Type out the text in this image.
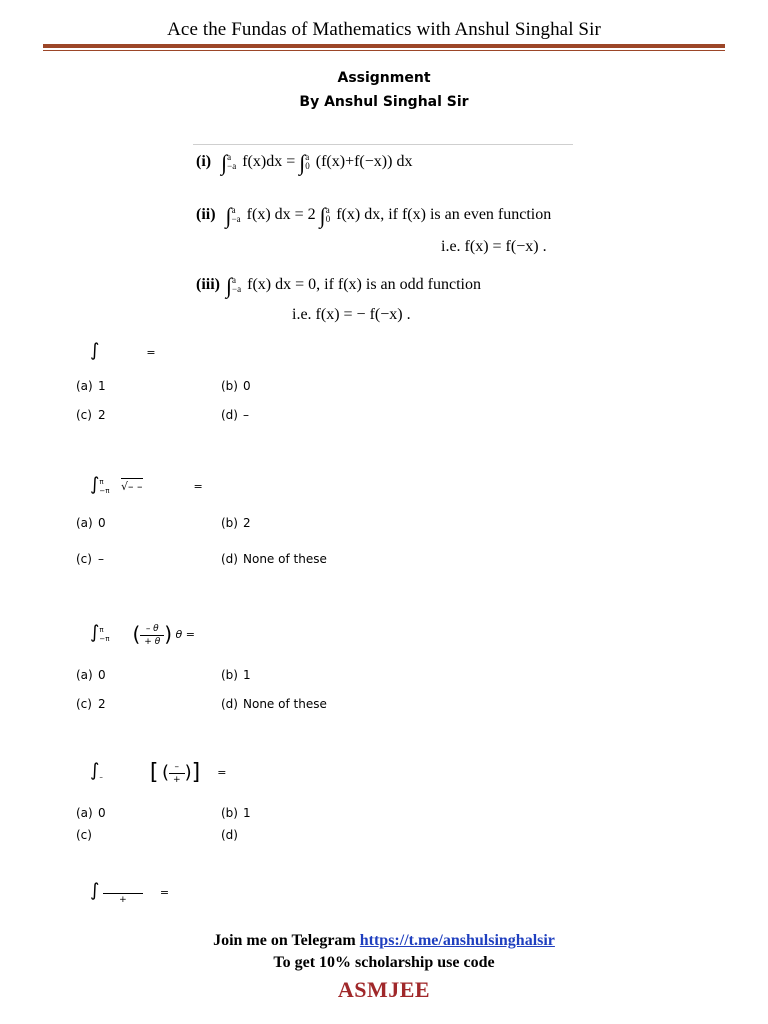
Ace the Fundas of Mathematics with Anshul Singhal Sir
Assignment
By Anshul Singhal Sir
(i) ∫a
−a f(x)dx = ∫a
0 (f(x)+f(−x)) dx
(ii) ∫a
−a f(x) dx = 2 ∫a
0 f(x) dx, if f(x) is an even function
i.e. f(x) = f(−x) .
(iii) ∫a
−a f(x) dx = 0, if f(x) is an odd function
i.e. f(x) = − f(−x) .
∫	=
(a) 1	(b) 0
(c) 2	(d) –
∫π
−π √– –	=
(a) 0	(b) 2
(c) –	(d) None of these
∫π
−π ( $\frac{- \theta}{+ \theta}$ ) θ =
(a) 0	(b) 1
(c) 2	(d) None of these
∫
– [ ( –
+ )] =
(a) 0	(b) 1
(c)	(d)
∫	+
=
Join me on Telegram https://t.me/anshulsinghalsir
To get 10% scholarship use code
ASMJEE
